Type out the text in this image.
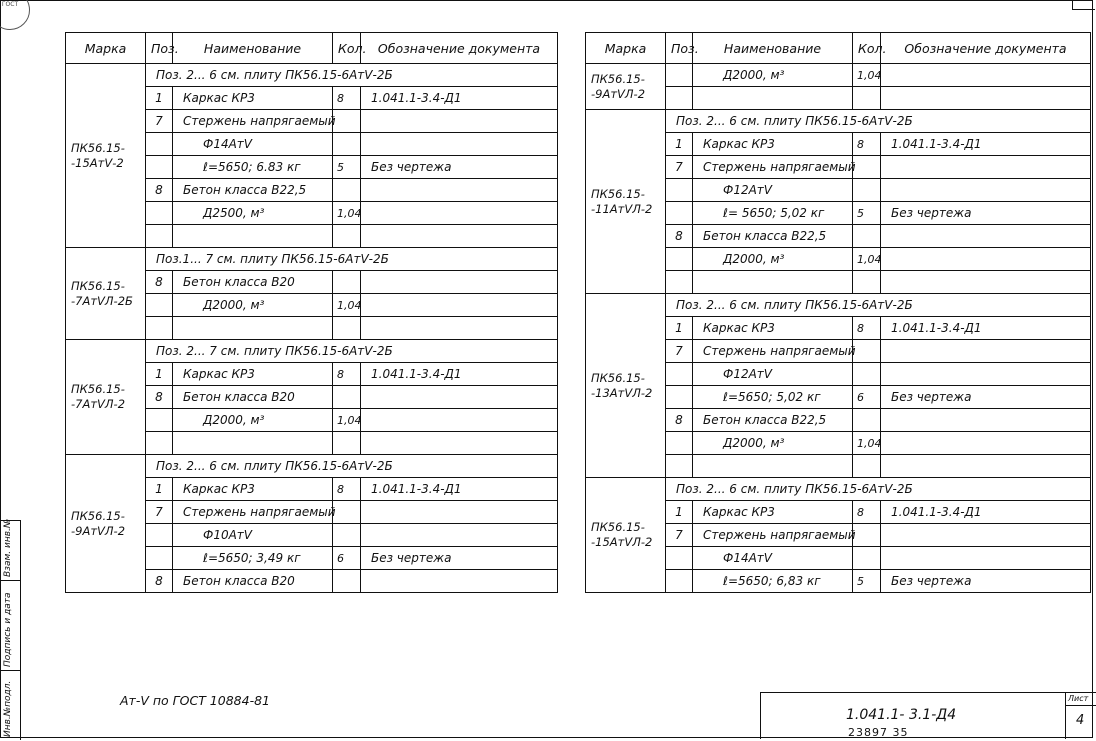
ГОСТ
Марка	Поз.	Наименование	Кол.	Обозначение документа
ПК56.15- -15АтⅤ-2	Поз. 2... 6 см. плиту ПК56.15-6АтⅤ-2Б			
	1	Каркас КР3	8	1.041.1-3.4-Д1
	7	Стержень напрягаемый		
		Ф14АтⅤ		
		ℓ=5650; 6.83 кг	5	Без чертежа
	8	Бетон класса В22,5		
		Д2500, м³	1,04	

ПК56.15- -7АтⅤЛ-2Б	Поз.1... 7 см. плиту ПК56.15-6АтⅤ-2Б			
	8	Бетон класса В20		
		Д2000, м³	1,04	

ПК56.15- -7АтⅤЛ-2	Поз. 2... 7 см. плиту ПК56.15-6АтⅤ-2Б			
	1	Каркас КР3	8	1.041.1-3.4-Д1
	8	Бетон класса В20		
		Д2000, м³	1,04	

ПК56.15- -9АтⅤЛ-2	Поз. 2... 6 см. плиту ПК56.15-6АтⅤ-2Б			
	1	Каркас КР3	8	1.041.1-3.4-Д1
	7	Стержень напрягаемый		
		Ф10АтⅤ		
		ℓ=5650; 3,49 кг	6	Без чертежа
	8	Бетон класса В20		
Марка	Поз.	Наименование	Кол.	Обозначение документа
ПК56.15- -9АтⅤЛ-2		Д2000, м³	1,04	

ПК56.15- -11АтⅤЛ-2	Поз. 2... 6 см. плиту ПК56.15-6АтⅤ-2Б			
	1	Каркас КР3	8	1.041.1-3.4-Д1
	7	Стержень напрягаемый		
		Ф12АтⅤ		
		ℓ= 5650; 5,02 кг	5	Без чертежа
	8	Бетон класса В22,5		
		Д2000, м³	1,04	

ПК56.15- -13АтⅤЛ-2	Поз. 2... 6 см. плиту ПК56.15-6АтⅤ-2Б			
	1	Каркас КР3	8	1.041.1-3.4-Д1
	7	Стержень напрягаемый		
		Ф12АтⅤ		
		ℓ=5650; 5,02 кг	6	Без чертежа
	8	Бетон класса В22,5		
		Д2000, м³	1,04	

ПК56.15- -15АтⅤЛ-2	Поз. 2... 6 см. плиту ПК56.15-6АтⅤ-2Б			
	1	Каркас КР3	8	1.041.1-3.4-Д1
	7	Стержень напрягаемый		
		Ф14АтⅤ		
		ℓ=5650; 6,83 кг	5	Без чертежа
Взам. инв.№
Подпись и дата
Инв.№подл.	Ат-Ⅴ по ГОСТ 10884-81
1.041.1- 3.1-Д4
Лист
4
23897 35
